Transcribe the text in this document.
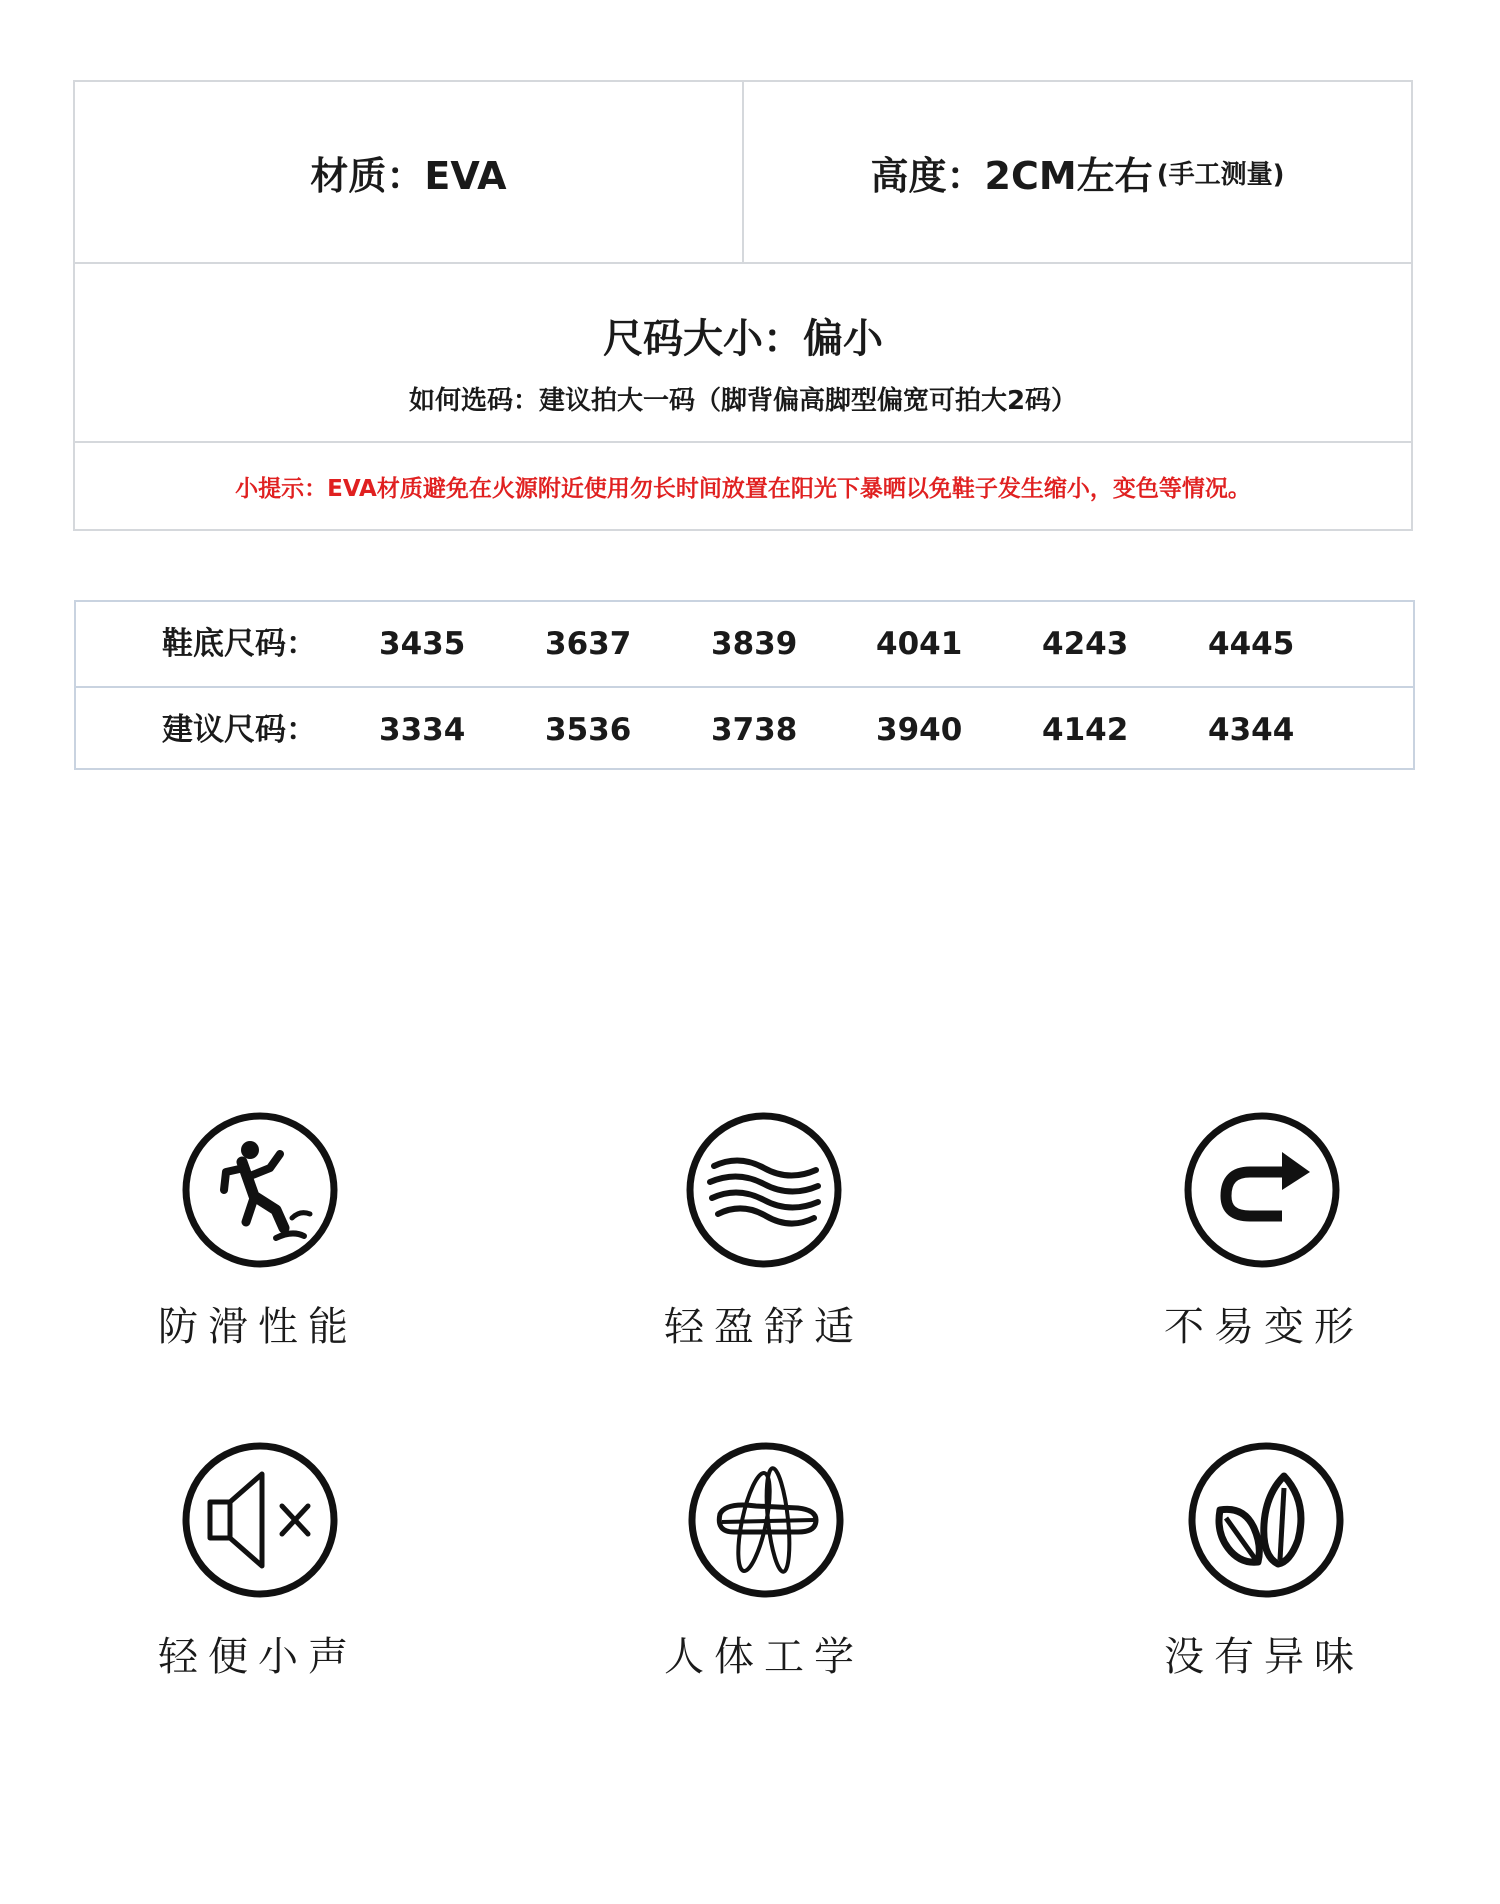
材质：EVA	高度：2CM左右 (手工测量)
尺码大小：偏小
如何选码：建议拍大一码（脚背偏高脚型偏宽可拍大2码）
小提示：EVA材质避免在火源附近使用勿长时间放置在阳光下暴晒以免鞋子发生缩小，变色等情况。
鞋底尺码： 3435	3637	3839	4041	4243	4445
建议尺码： 3334	3536	3738	3940	4142	4344
防滑性能	轻盈舒适	不易变形
轻便小声	人体工学	没有异味
